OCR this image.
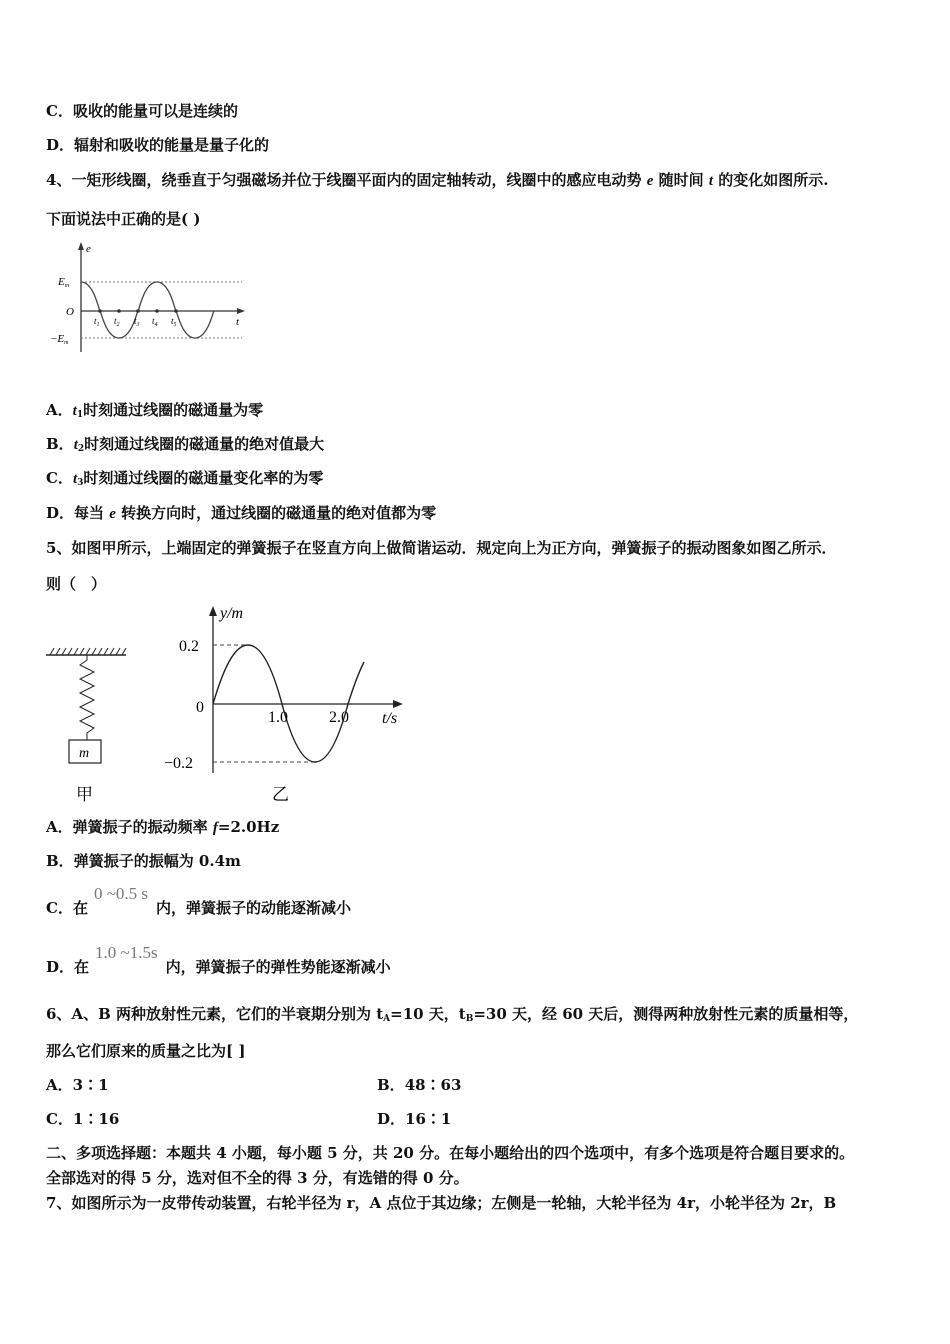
C．吸收的能量可以是连续的
D．辐射和吸收的能量是量子化的
4、一矩形线圈，绕垂直于匀强磁场并位于线圈平面内的固定轴转动，线圈中的感应电动势 e 随时间 t 的变化如图所示.
下面说法中正确的是( )
e
t
O
Em
−Em
$t_1$ $t_2$ $t_3$ $t_4$ $t_5$
A．$t_1$时刻通过线圈的磁通量为零
B．$t_2$时刻通过线圈的磁通量的绝对值最大
C．$t_3$时刻通过线圈的磁通量变化率的为零
D．每当 e 转换方向时，通过线圈的磁通量的绝对值都为零
5、如图甲所示，上端固定的弹簧振子在竖直方向上做简谐运动．规定向上为正方向，弹簧振子的振动图象如图乙所示．
则（　）
m
甲
y/m
t/s
0
0.2
−0.2
1.0	2.0
乙
A．弹簧振子的振动频率 f=2.0Hz
B．弹簧振子的振幅为 0.4m
C．在0 ~0.5 s内，弹簧振子的动能逐渐减小
D．在1.0 ~1.5s内，弹簧振子的弹性势能逐渐减小
6、A、B 两种放射性元素，它们的半衰期分别为 $t_A=10$ 天，$t_B=30$ 天，经 60 天后，测得两种放射性元素的质量相等，
那么它们原来的质量之比为[ ]
A．3∶1	B．48∶63
C．1∶16	D．16∶1
二、多项选择题：本题共 4 小题，每小题 5 分，共 20 分。在每小题给出的四个选项中，有多个选项是符合题目要求的。
全部选对的得 5 分，选对但不全的得 3 分，有选错的得 0 分。
7、如图所示为一皮带传动装置，右轮半径为 r，A 点位于其边缘；左侧是一轮轴，大轮半径为 4r，小轮半径为 2r，B
